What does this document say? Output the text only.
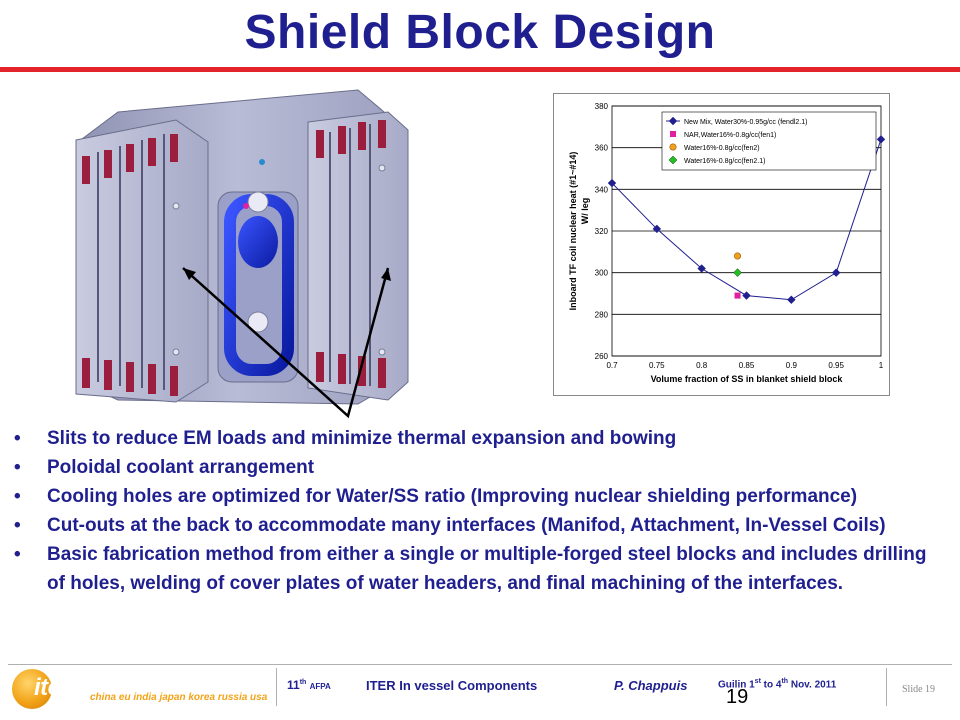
Shield Block Design
260
280
300
320
340
360
380
0.7	0.75	0.8	0.85	0.9	0.95	1
Volume fraction of SS in blanket shield block
Inboard TF coil nuclear heat (#1~#14) W/ leg
New Mix, Water30%-0.95g/cc (fendl2.1)
NAR,Water16%-0.8g/cc(fen1)
Water16%-0.8g/cc(fen2)
Water16%-0.8g/cc(fen2.1)
• Slits to reduce EM loads and minimize thermal expansion and bowing
• Poloidal coolant arrangement
• Cooling holes are optimized for Water/SS ratio (Improving nuclear shielding performance)
• Cut-outs at the back to accommodate many interfaces (Manifod, Attachment, In-Vessel Coils)
• Basic fabrication method from either a single or multiple-forged steel blocks and includes drilling of holes, welding of cover plates of water headers, and final machining of the interfaces.
iter china eu india japan korea russia usa
11th AFPA	ITER In vessel Components	P. Chappuis	Guilin 1st to 4th Nov. 2011	Slide 19
19
